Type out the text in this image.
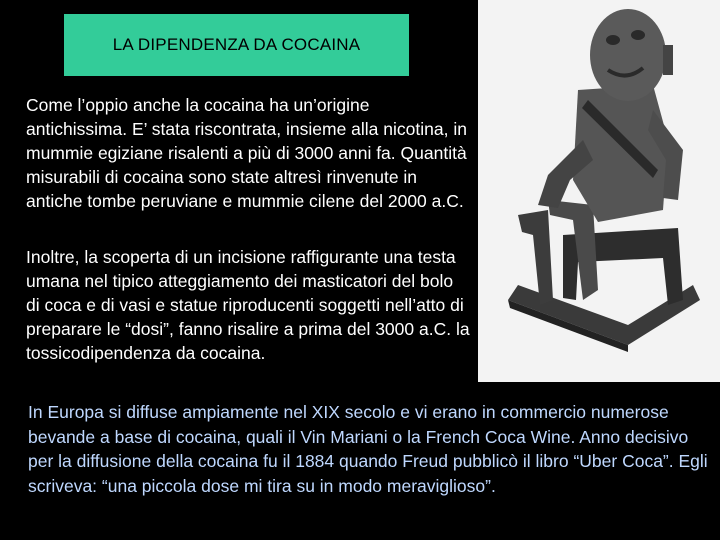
LA DIPENDENZA DA COCAINA

Come l’oppio anche la cocaina ha un’origine antichissima. E’ stata riscontrata, insieme alla nicotina, in mummie egiziane risalenti a più di 3000 anni fa. Quantità misurabili di cocaina sono state altresì rinvenute in antiche tombe peruviane e mummie cilene del 2000 a.C.

Inoltre, la scoperta di un incisione raffigurante una testa umana nel tipico atteggiamento dei masticatori del bolo di coca e di vasi e statue riproducenti soggetti nell’atto di preparare le “dosi”, fanno risalire a prima del 3000 a.C. la tossicodipendenza da cocaina.

In Europa si diffuse ampiamente nel XIX secolo e vi erano in commercio numerose bevande a base di cocaina, quali il Vin Mariani o la French Coca Wine. Anno decisivo per la diffusione della cocaina fu il 1884 quando Freud pubblicò il libro “Uber Coca”. Egli scriveva: “una piccola dose mi tira su in modo meraviglioso”.
